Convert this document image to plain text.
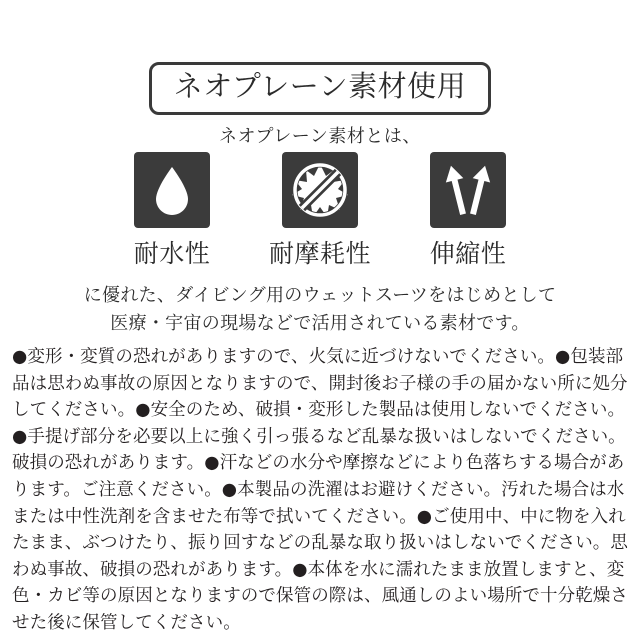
ネオプレーン素材使用
ネオプレーン素材とは、
耐水性	耐摩耗性	伸縮性
に優れた、ダイビング用のウェットスーツをはじめとして
医療・宇宙の現場などで活用されている素材です。
●変形・変質の恐れがありますので、火気に近づけないでください。●包装部品は思わぬ事故の原因となりますので、開封後お子様の手の届かない所に処分してください。●安全のため、破損・変形した製品は使用しないでください。●手提げ部分を必要以上に強く引っ張るなど乱暴な扱いはしないでください。破損の恐れがあります。●汗などの水分や摩擦などにより色落ちする場合があります。ご注意ください。●本製品の洗濯はお避けください。汚れた場合は水または中性洗剤を含ませた布等で拭いてください。●ご使用中、中に物を入れたまま、ぶつけたり、振り回すなどの乱暴な取り扱いはしないでください。思わぬ事故、破損の恐れがあります。●本体を水に濡れたまま放置しますと、変色・カビ等の原因となりますので保管の際は、風通しのよい場所で十分乾燥させた後に保管してください。
